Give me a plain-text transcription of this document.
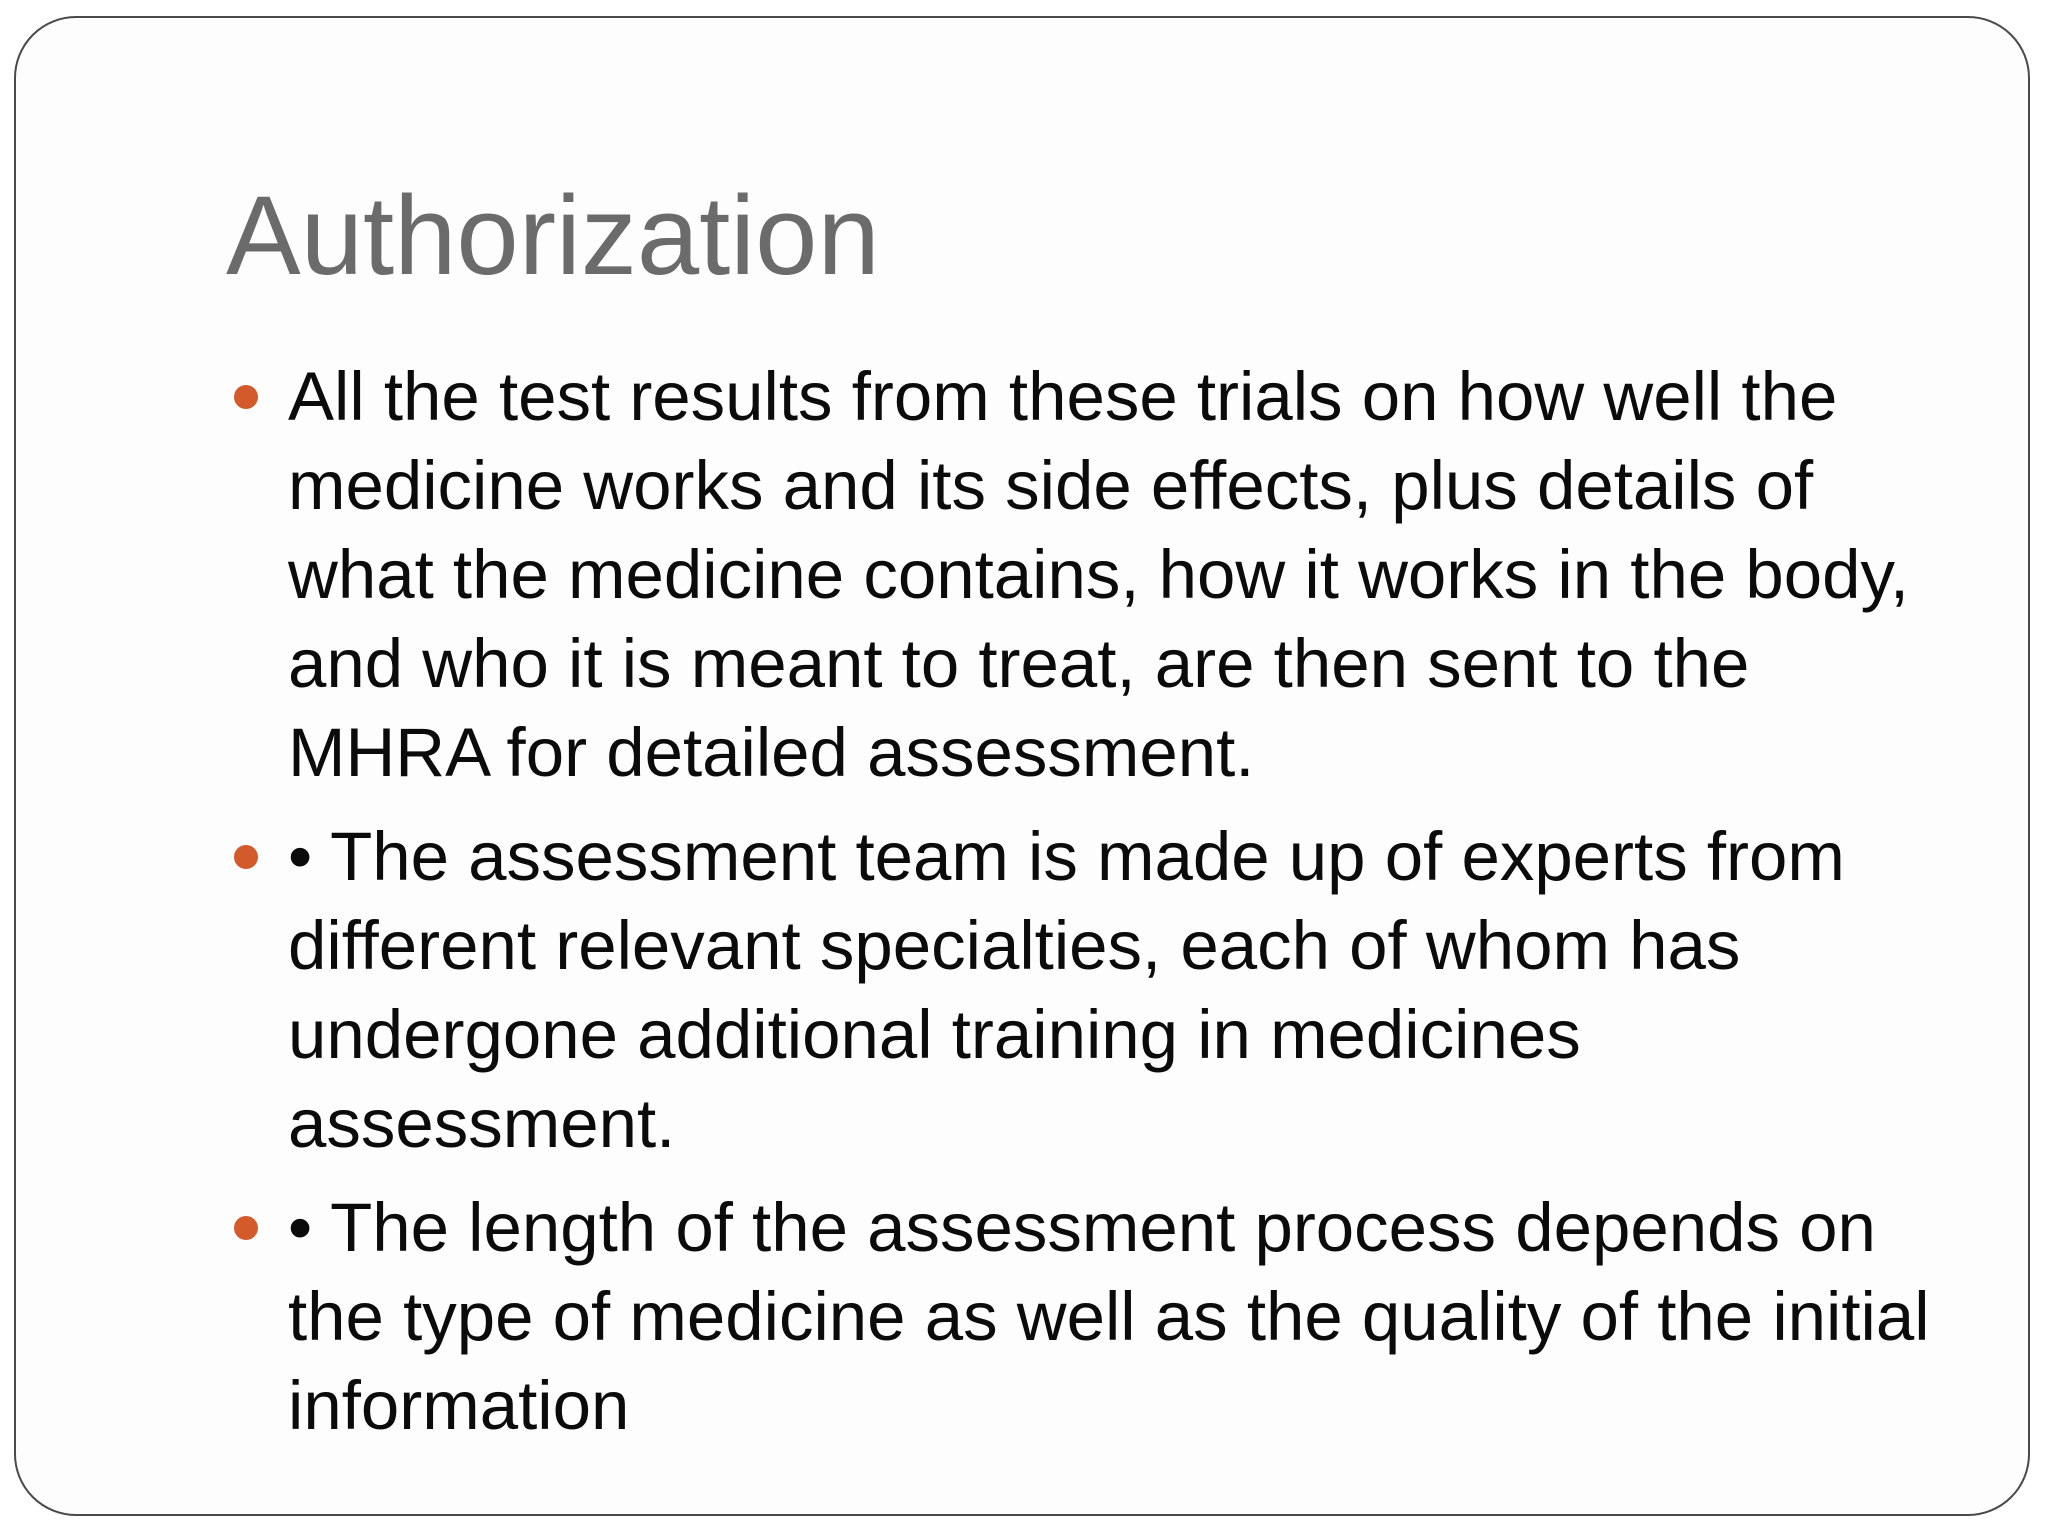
Authorization
All the test results from these trials on how well the medicine works and its side effects, plus details of what the medicine contains, how it works in the body, and who it is meant to treat, are then sent to the MHRA for detailed assessment.
• The assessment team is made up of experts from different relevant specialties, each of whom has undergone additional training in medicines assessment.
• The length of the assessment process depends on the type of medicine as well as the quality of the initial information
